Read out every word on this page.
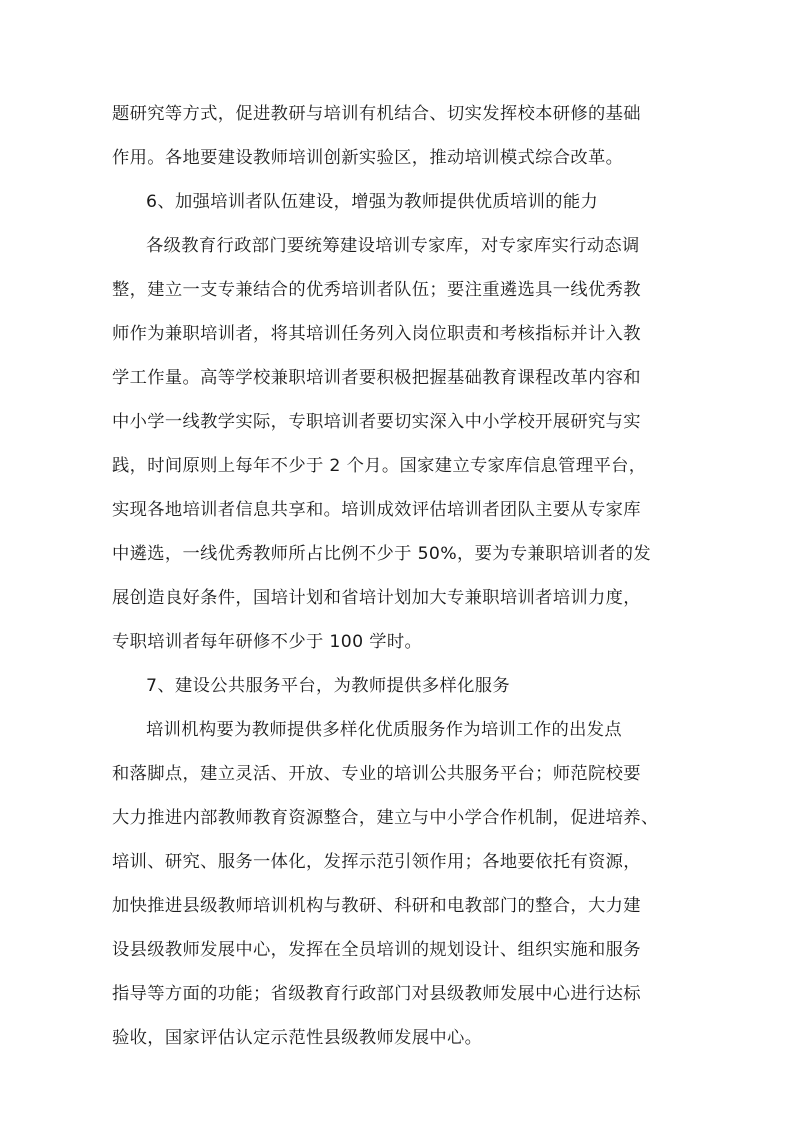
题研究等方式，促进教研与培训有机结合、切实发挥校本研修的基础
作用。各地要建设教师培训创新实验区，推动培训模式综合改革。
6、加强培训者队伍建设，增强为教师提供优质培训的能力
各级教育行政部门要统筹建设培训专家库，对专家库实行动态调
整，建立一支专兼结合的优秀培训者队伍；要注重遴选具一线优秀教
师作为兼职培训者，将其培训任务列入岗位职责和考核指标并计入教
学工作量。高等学校兼职培训者要积极把握基础教育课程改革内容和
中小学一线教学实际，专职培训者要切实深入中小学校开展研究与实
践，时间原则上每年不少于 2 个月。国家建立专家库信息管理平台，
实现各地培训者信息共享和。培训成效评估培训者团队主要从专家库
中遴选，一线优秀教师所占比例不少于 50%，要为专兼职培训者的发
展创造良好条件，国培计划和省培计划加大专兼职培训者培训力度，
专职培训者每年研修不少于 100 学时。
7、建设公共服务平台，为教师提供多样化服务
培训机构要为教师提供多样化优质服务作为培训工作的出发点
和落脚点，建立灵活、开放、专业的培训公共服务平台；师范院校要
大力推进内部教师教育资源整合，建立与中小学合作机制，促进培养、
培训、研究、服务一体化，发挥示范引领作用；各地要依托有资源，
加快推进县级教师培训机构与教研、科研和电教部门的整合，大力建
设县级教师发展中心，发挥在全员培训的规划设计、组织实施和服务
指导等方面的功能；省级教育行政部门对县级教师发展中心进行达标
验收，国家评估认定示范性县级教师发展中心。
